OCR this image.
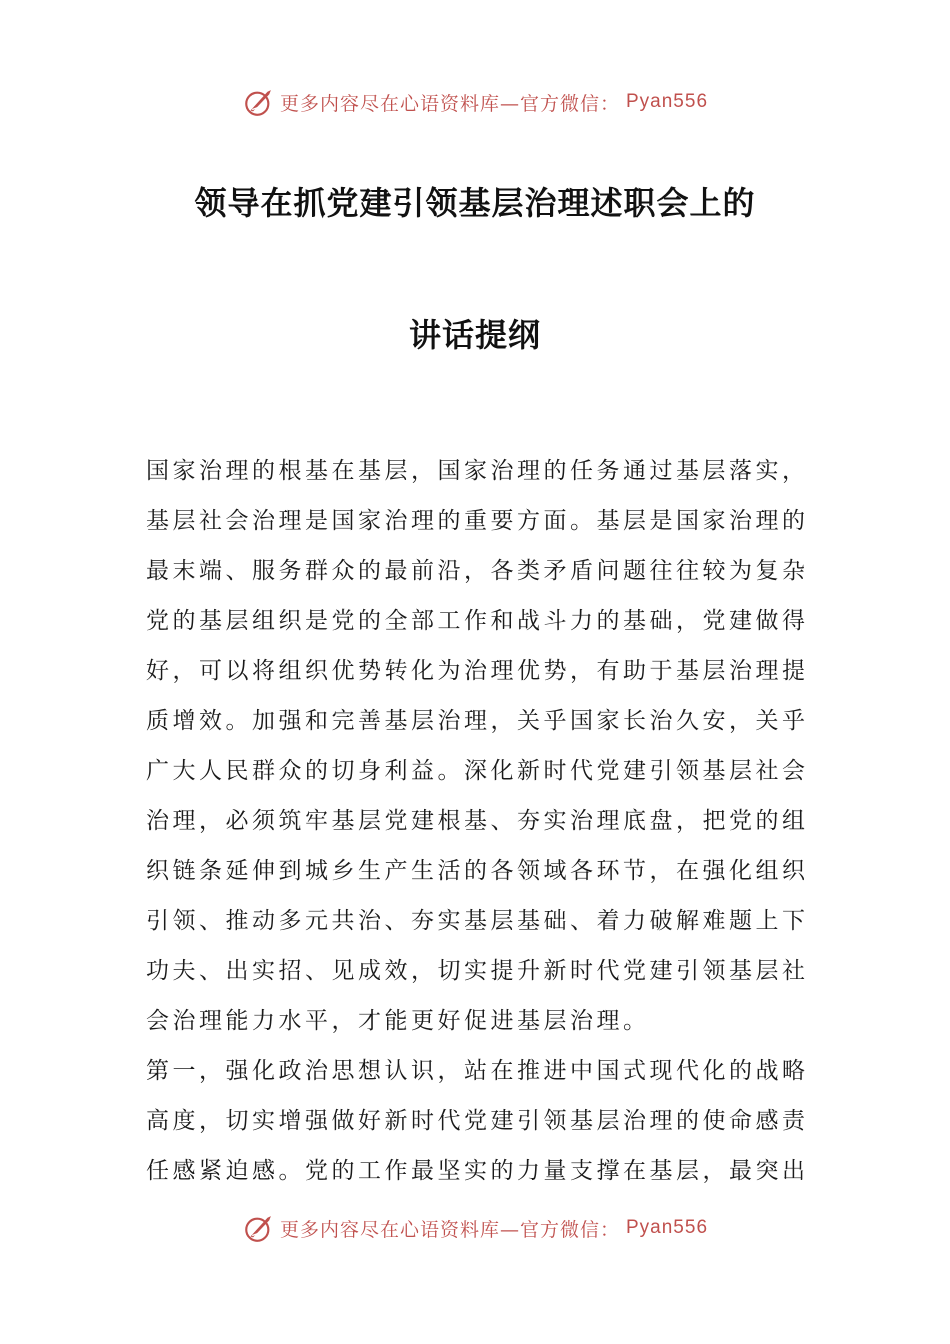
更多内容尽在心语资料库—官方微信： Pyan556
领导在抓党建引领基层治理述职会上的
讲话提纲
国家治理的根基在基层，国家治理的任务通过基层落实，
基层社会治理是国家治理的重要方面。基层是国家治理的
最末端、服务群众的最前沿，各类矛盾问题往往较为复杂
党的基层组织是党的全部工作和战斗力的基础，党建做得
好，可以将组织优势转化为治理优势，有助于基层治理提
质增效。加强和完善基层治理，关乎国家长治久安，关乎
广大人民群众的切身利益。深化新时代党建引领基层社会
治理，必须筑牢基层党建根基、夯实治理底盘，把党的组
织链条延伸到城乡生产生活的各领域各环节，在强化组织
引领、推动多元共治、夯实基层基础、着力破解难题上下
功夫、出实招、见成效，切实提升新时代党建引领基层社
会治理能力水平，才能更好促进基层治理。
第一，强化政治思想认识，站在推进中国式现代化的战略
高度，切实增强做好新时代党建引领基层治理的使命感责
任感紧迫感。党的工作最坚实的力量支撑在基层，最突出
更多内容尽在心语资料库—官方微信： Pyan556
